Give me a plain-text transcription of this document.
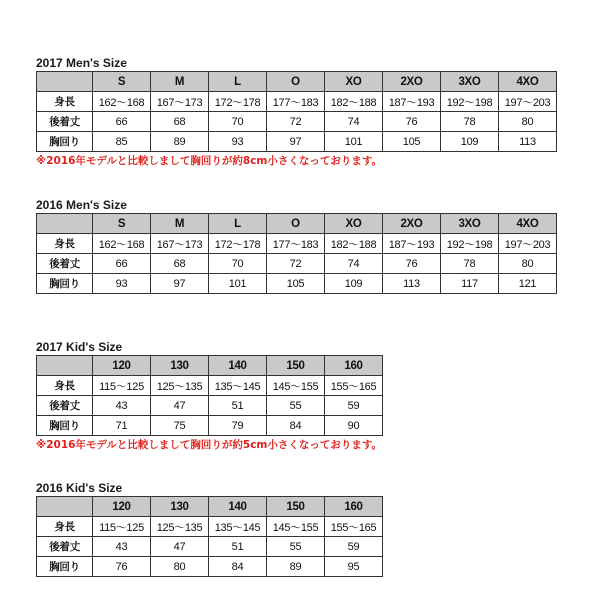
2017 Men's Size
	S	M	L	O	XO	2XO	3XO	4XO
身長	162〜168	167〜173	172〜178	177〜183	182〜188	187〜193	192〜198	197〜203
後着丈	66	68	70	72	74	76	78	80
胸回り	85	89	93	97	101	105	109	113
※2016年モデルと比較しまして胸回りが約8cm小さくなっております。
2016 Men's Size
	S	M	L	O	XO	2XO	3XO	4XO
身長	162〜168	167〜173	172〜178	177〜183	182〜188	187〜193	192〜198	197〜203
後着丈	66	68	70	72	74	76	78	80
胸回り	93	97	101	105	109	113	117	121
2017 Kid's Size
	120	130	140	150	160
身長	115〜125	125〜135	135〜145	145〜155	155〜165
後着丈	43	47	51	55	59
胸回り	71	75	79	84	90
※2016年モデルと比較しまして胸回りが約5cm小さくなっております。
2016 Kid's Size
	120	130	140	150	160
身長	115〜125	125〜135	135〜145	145〜155	155〜165
後着丈	43	47	51	55	59
胸回り	76	80	84	89	95
